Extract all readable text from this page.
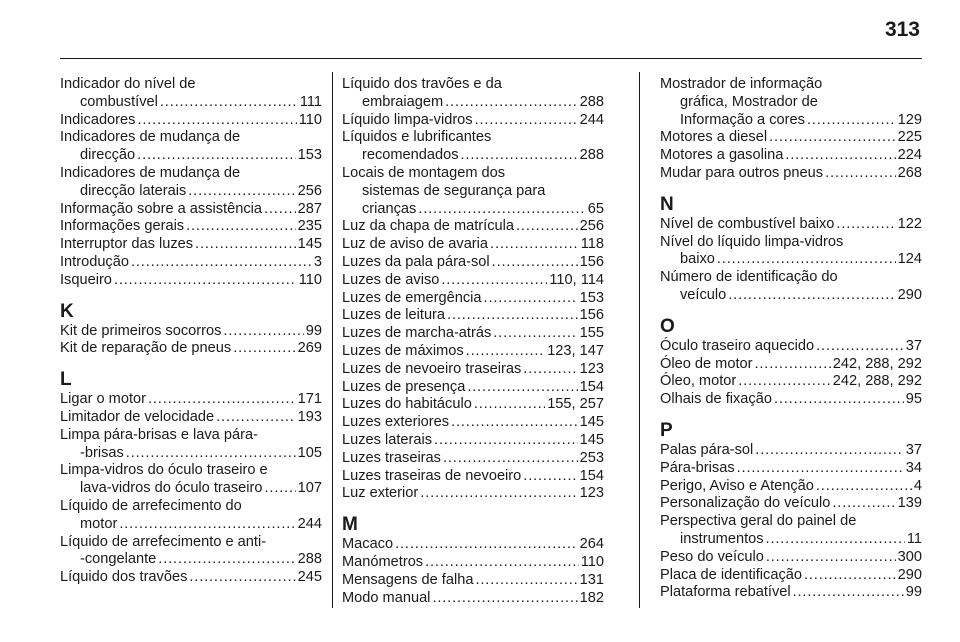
313
Indicador do nível de
combustível . . .	111
Indicadores . . .	110
Indicadores de mudança de
direcção . . .	153
Indicadores de mudança de
direcção laterais . . .	256
Informação sobre a assistência . . . 287
Informações gerais . . .	235
Interruptor das luzes . . .	145
Introdução . . .	3
Isqueiro . . .	110
K
Kit de primeiros socorros . . .	99
Kit de reparação de pneus . . .	269
L
Ligar o motor . . .	171
Limitador de velocidade . . .	193
Limpa pára-brisas e lava pára-
-brisas . . .	105
Limpa-vidros do óculo traseiro e
lava-vidros do óculo traseiro . . . 107
Líquido de arrefecimento do
motor . . .	244
Líquido de arrefecimento e anti-
-congelante . . .	288
Líquido dos travões . . .	245
Líquido dos travões e da
embraiagem . . .	288
Líquido limpa-vidros . . .	244
Líquidos e lubrificantes
recomendados . . .	288
Locais de montagem dos
sistemas de segurança para
crianças . . .	65
Luz da chapa de matrícula . . .	256
Luz de aviso de avaria . . .	118
Luzes da pala pára-sol . . .	156
Luzes de aviso . . .	110, 114
Luzes de emergência . . .	153
Luzes de leitura . . .	156
Luzes de marcha-atrás . . .	155
Luzes de máximos . . .	123, 147
Luzes de nevoeiro traseiras . . .	123
Luzes de presença . . .	154
Luzes do habitáculo . . .	155, 257
Luzes exteriores . . .	145
Luzes laterais . . .	145
Luzes traseiras . . .	253
Luzes traseiras de nevoeiro . . .	154
Luz exterior . . .	123
M
Macaco . . .	264
Manómetros . . .	110
Mensagens de falha . . .	131
Modo manual . . .	182
Mostrador de informação
gráfica, Mostrador de
Informação a cores . . .	129
Motores a diesel . . .	225
Motores a gasolina . . .	224
Mudar para outros pneus . . .	268
N
Nível de combustível baixo . . .	122
Nível do líquido limpa-vidros
baixo . . .	124
Número de identificação do
veículo . . .	290
O
Óculo traseiro aquecido . . .	37
Óleo de motor . . .	242, 288, 292
Óleo, motor . . .	242, 288, 292
Olhais de fixação . . .	95
P
Palas pára-sol . . .	37
Pára-brisas . . .	34
Perigo, Aviso e Atenção . . .	4
Personalização do veículo . . .	139
Perspectiva geral do painel de
instrumentos . . .	11
Peso do veículo . . .	300
Placa de identificação . . .	290
Plataforma rebatível . . .	99
